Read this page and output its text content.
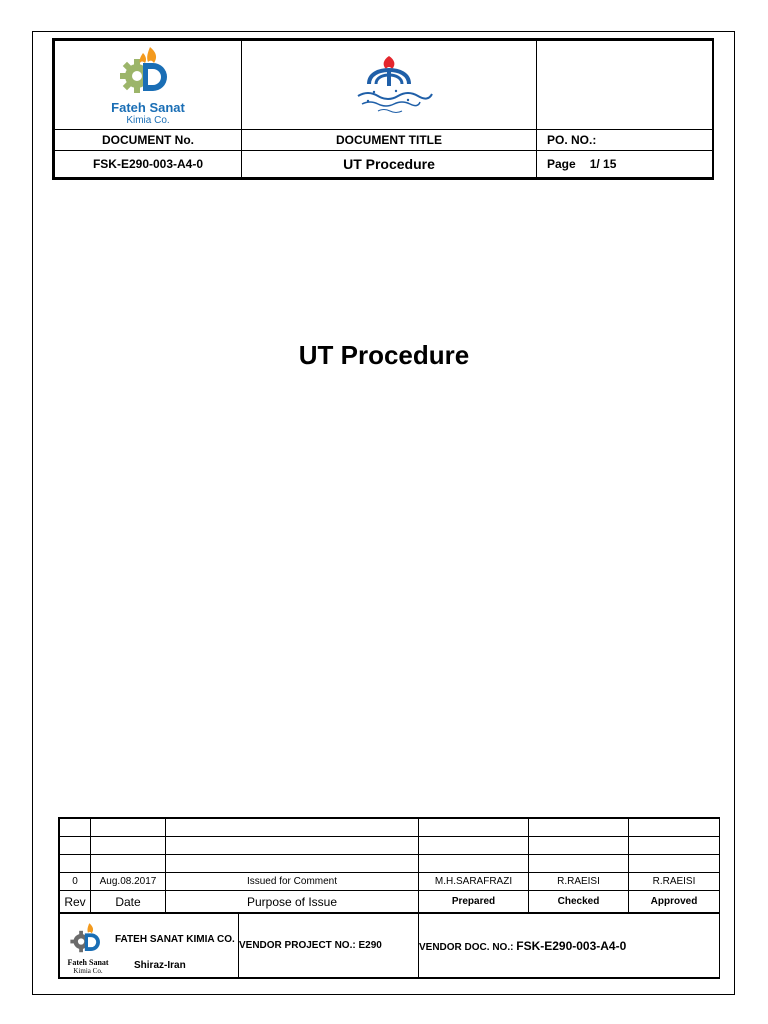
Fateh Sanat
Kimia Co.

DOCUMENT No.	DOCUMENT TITLE	PO. NO.:
FSK-E290-003-A4-0	UT Procedure	Page 1/ 15
UT Procedure

0	Aug.08.2017	Issued for Comment	M.H.SARAFRAZI	R.RAEISI	R.RAEISI
Rev	Date	Purpose of Issue	Prepared	Checked	Approved
Fateh Sanat
Kimia Co.
FATEH SANAT KIMIA CO.
Shiraz-Iran
	VENDOR PROJECT NO.: E290	VENDOR DOC. NO.: FSK-E290-003-A4-0
